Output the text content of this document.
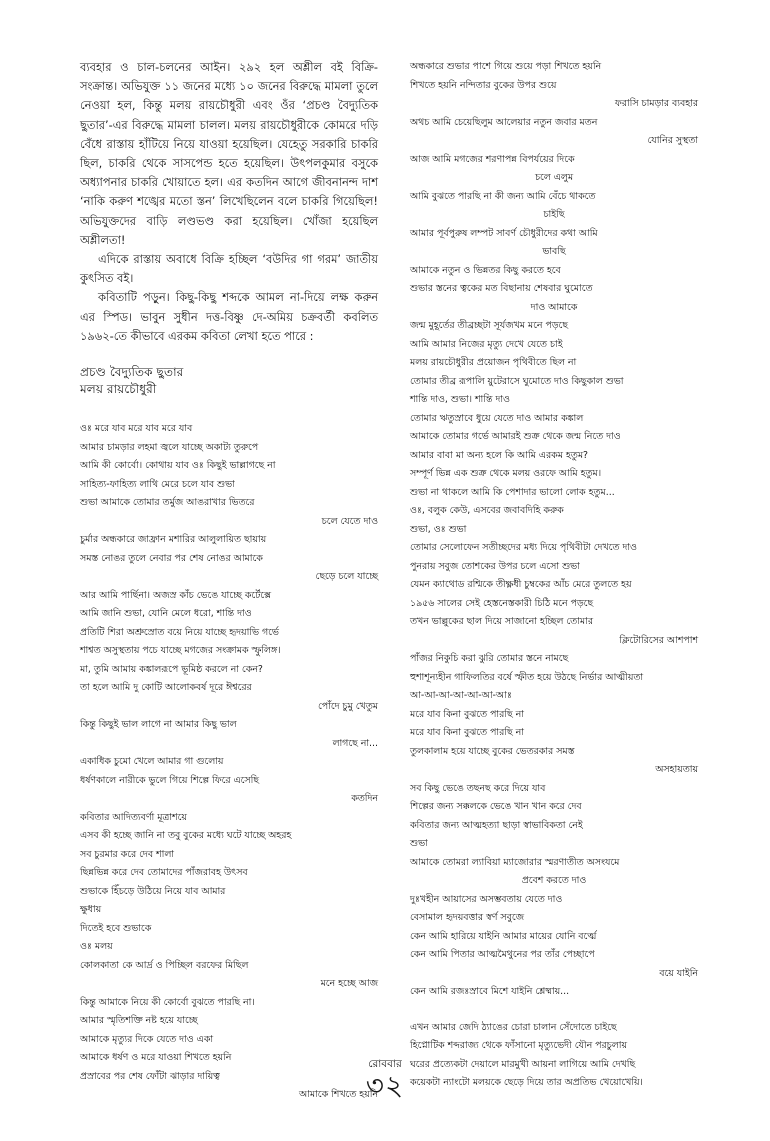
ব্যবহার ও চাল-চলনের আইন। ২৯২ হল অশ্লীল বই বিক্রি- সংক্রান্ত। অভিযুক্ত ১১ জনের মধ্যে ১০ জনের বিরুদ্ধে মামলা তুলে নেওয়া হল, কিন্তু মলয় রায়চৌধুরী এবং ওঁর ‘প্রচণ্ড বৈদ্যুতিক ছুতার’-এর বিরুদ্ধে মামলা চালল। মলয় রায়চৌধুরীকে কোমরে দড়ি বেঁধে রাস্তায় হাঁটিয়ে নিয়ে যাওয়া হয়েছিল। যেহেতু সরকারি চাকরি ছিল, চাকরি থেকে সাসপেন্ড হতে হয়েছিল। উৎপলকুমার বসুকে অধ্যাপনার চাকরি খোয়াতে হল। এর কতদিন আগে জীবনানন্দ দাশ ‘নাকি করুণ শঙ্খের মতো স্তন’ লিখেছিলেন বলে চাকরি গিয়েছিল! অভিযুক্তদের বাড়ি লণ্ডভণ্ড করা হয়েছিল। খোঁজা হয়েছিল অশ্লীলতা!

এদিকে রাস্তায় অবাধে বিক্রি হচ্ছিল ‘বউদির গা গরম’ জাতীয় কুৎসিত বই।

কবিতাটি পড়ুন। কিছু-কিছু শব্দকে আমল না-দিয়ে লক্ষ করুন এর স্পিড। ভাবুন সুধীন দত্ত-বিষ্ণু দে-অমিয় চক্রবর্তী কবলিত ১৯৬২-তে কীভাবে এরকম কবিতা লেখা হতে পারে :

প্রচণ্ড বৈদ্যুতিক ছুতার
মলয় রায়চৌধুরী
ওঃ মরে যাব মরে যাব মরে যাব
আমার চামড়ার লহমা জ্বলে যাচ্ছে অকাট্য তুরুপে
আমি কী কোর্বো। কোথায় যাব ওঃ কিছুই ভাল্লাগছে না
সাহিত্য-ফাহিত্য লাথি মেরে চলে যাব শুভা
শুভা আমাকে তোমার তর্মুজ আঙরাখার ভিতরে
চলে যেতে দাও
চুর্মার অন্ধকারে জাফ্রান মশারির আলুলায়িত ছায়ায়
সমস্ত নোঙর তুলে নেবার পর শেষ নোঙর আমাকে
ছেড়ে চলে যাচ্ছে
আর আমি পার্ছিনা। অজস্র কাঁচ ভেঙে যাচ্ছে কর্টেক্সে
আমি জানি শুভা, যোনি মেলে ধরো, শান্তি দাও
প্রতিটি শিরা অশ্রুস্রোত বয়ে নিয়ে যাচ্ছে হৃদয়াভি গর্ভে
শাশ্বত অসুস্থতায় পচে যাচ্ছে মগজের সংক্রামক স্ফুলিঙ্গ।
মা, তুমি আমায় কঙ্কালরূপে ভূমিষ্ঠ করলে না কেন?
তা হলে আমি দু কোটি আলোকবর্ষ দূরে ঈশ্বরের
পোঁদে চুমু খেতুম
কিন্তু কিছুই ভাল লাগে না আমার কিছু ভাল
লাগছে না...
একাধিক চুমো খেলে আমার গা গুলোয়
ধর্ষণকালে নারীকে ভুলে গিয়ে শিল্পে ফিরে এসেছি
কতদিন
কবিতার আদিত্যবর্ণা মূত্রাশয়ে
এসব কী হচ্ছে জানি না তবু বুকের মধ্যে ঘটে যাচ্ছে অহরহ
সব চুরমার করে দেব শালা
ছিন্নভিন্ন করে দেব তোমাদের পাঁজরাবহ উৎসব
শুভাকে হিঁচড়ে উঠিয়ে নিয়ে যাব আমার
ক্ষুধায়
দিতেই হবে শুভাকে
ওঃ মলয়
কোলকাতা কে আর্দ্র ও পিচ্ছিল বরফের মিছিল
মনে হচ্ছে আজ
কিন্তু আমাকে নিয়ে কী কোর্বো বুঝতে পারছি না।
আমার স্মৃতিশক্তি নষ্ট হয়ে যাচ্ছে
আমাকে মৃত্যুর দিকে যেতে দাও একা
আমাকে ধর্ষণ ও মরে যাওয়া শিখতে হয়নি
প্রস্রাবের পর শেষ ফোঁটা ঝাড়ার দায়িত্ব
আমাকে শিখতে হয়নি
অন্ধকারে শুভার পাশে গিয়ে শুয়ে পড়া শিখতে হয়নি
শিখতে হয়নি নন্দিতার বুকের উপর শুয়ে
ফরাসি চামড়ার ব্যবহার
অথচ আমি চেয়েছিলুম আলেয়ার নতুন জবার মতন
যোনির সুস্থতা
আজ আমি মগজের শরণাপন্ন বিপর্যয়ের দিকে
চলে এলুম
আমি বুঝতে পারছি না কী জন্য আমি বেঁচে থাকতে
চাইছি
আমার পূর্বপুরুষ লম্পট সাবর্ণ চৌধুরীদের কথা আমি
ভাবছি
আমাকে নতুন ও ভিন্নতর কিছু করতে হবে
শুভার স্তনের ত্বকের মত বিছানায় শেষবার ঘুমোতে
দাও আমাকে
জন্ম মুহূর্তের তীব্রচ্ছটা সূর্যজখম মনে পড়ছে
আমি আমার নিজের মৃত্যু দেখে যেতে চাই
মলয় রায়চৌধুরীর প্রয়োজন পৃথিবীতে ছিল না
তোমার তীব্র রূপালি য়ুটেরাসে ঘুমোতে দাও কিছুকাল শুভা
শান্তি দাও, শুভা। শান্তি দাও
তোমার ঋতুস্রাবে ধুয়ে যেতে দাও আমার কঙ্কাল
আমাকে তোমার গর্ভে আমারই শুক্র থেকে জন্ম নিতে দাও
আমার বাবা মা অন্য হলে কি আমি এরকম হতুম?
সম্পূর্ণ ভিন্ন এক শুক্র থেকে মলয় ওরফে আমি হতুম।
শুভা না থাকলে আমি কি পেশাদার ভালো লোক হতুম...
ওঃ, বলুক কেউ, এসবের জবাবদিহি করুক
শুভা, ওঃ শুভা
তোমার সেলোফেন সতীচ্ছদের মধ্য দিয়ে পৃথিবীটা দেখতে দাও
পুনরায় সবুজ তোশকের উপর চলে এসো শুভা
যেমন ক্যাথোড রশ্মিকে তীক্ষ্ণধী চুম্বকের আঁচ মেরে তুলতে হয়
১৯৫৬ সালের সেই হেস্তনেস্তকারী চিঠি মনে পড়ছে
তখন ভাল্লুকের ছাল দিয়ে সাজানো হচ্ছিল তোমার
ক্লিটোরিসের আশপাশ
পাঁজর নিকুচি করা ঝুরি তোমার স্তনে নামছে
হুশাশূন্যহীন গাফিলতির বর্ষে স্ফীত হয়ে উঠছে নির্ভার আত্মীয়তা
আ-আ-আ-আ-আ-আ-আঃ
মরে যাব কিনা বুঝতে পারছি না
মরে যাব কিনা বুঝতে পারছি না
তুলকালাম হয়ে যাচ্ছে বুকের ভেতরকার সমস্ত
অসহায়তায়
সব কিছু ভেঙে তছনছ করে দিয়ে যাব
শিল্পের জন্য সক্কলকে ভেঙে খান খান করে দেব
কবিতার জন্য আত্মহত্যা ছাড়া স্বাভাবিকতা নেই
শুভা
আমাকে তোমরা ল্যাবিয়া ম্যাজোরার স্মরণাতীত অসংযমে
প্রবেশ করতে দাও
দুঃখহীন আয়াসের অসম্ভবতায় যেতে দাও
বেসামাল হৃদয়বত্তার স্বর্ণ সবুজে
কেন আমি হারিয়ে যাইনি আমার মায়ের যোনি বর্ত্মে
কেন আমি পিতার আত্মমৈথুনের পর তাঁর পেচ্ছাপে
বয়ে যাইনি
কেন আমি রজঃস্রাবে মিশে যাইনি শ্লেষ্মায়...
এখন আমার জেদি ঠ্যাঙের চোরা চালান সেঁদোতে চাইছে
হিপ্নোটিক শব্দরাজ্য থেকে ফাঁসানো মৃত্যুভেদী যৌন পরচুলায়
ঘরের প্রত্যেকটা দেয়ালে মারমুখী আয়না লাগিয়ে আমি দেখছি
কয়েকটা ন্যাংটো মলয়কে ছেড়ে দিয়ে তার অপ্রতিভ খেয়োখেয়ি।
রোববার
৩২
